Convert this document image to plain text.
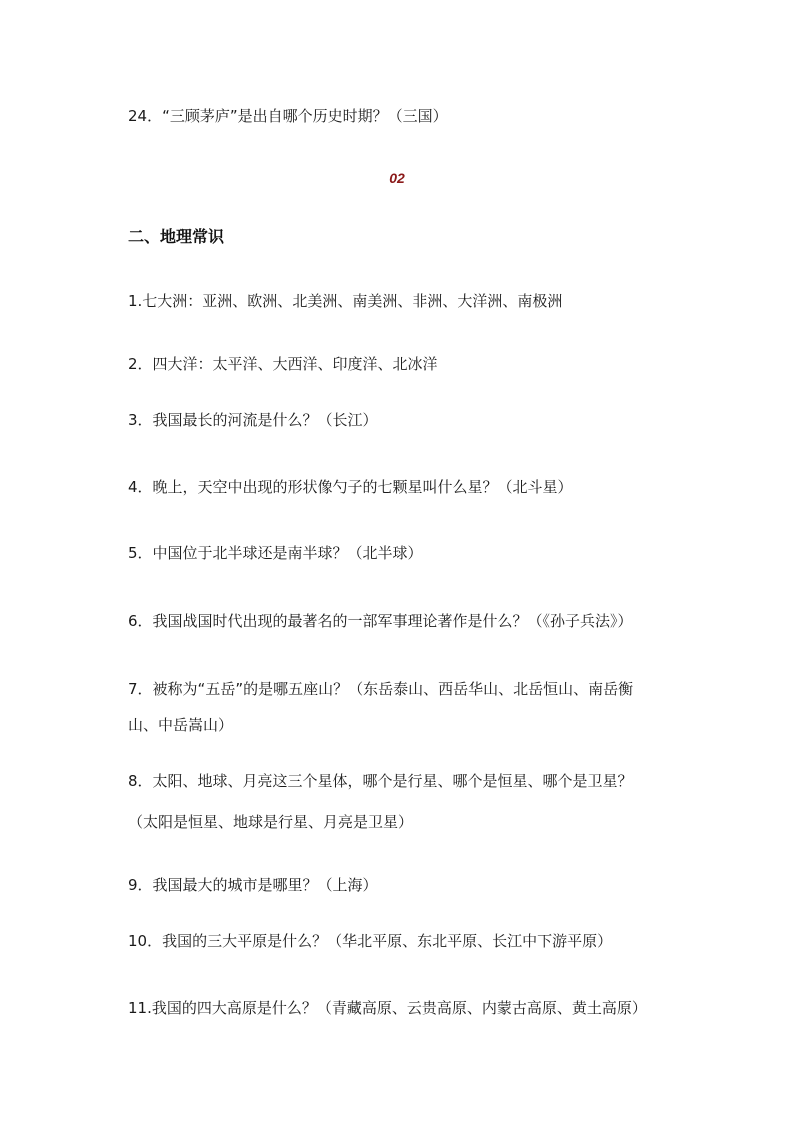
24．“三顾茅庐”是出自哪个历史时期？（三国）
02
二、地理常识
1.七大洲：亚洲、欧洲、北美洲、南美洲、非洲、大洋洲、南极洲
2．四大洋：太平洋、大西洋、印度洋、北冰洋
3．我国最长的河流是什么？（长江）
4．晚上，天空中出现的形状像勺子的七颗星叫什么星？（北斗星）
5．中国位于北半球还是南半球？（北半球）
6．我国战国时代出现的最著名的一部军事理论著作是什么？（《孙子兵法》）
7．被称为“五岳”的是哪五座山？（东岳泰山、西岳华山、北岳恒山、南岳衡
山、中岳嵩山）
8．太阳、地球、月亮这三个星体，哪个是行星、哪个是恒星、哪个是卫星？
（太阳是恒星、地球是行星、月亮是卫星）
9．我国最大的城市是哪里？（上海）
10．我国的三大平原是什么？（华北平原、东北平原、长江中下游平原）
11.我国的四大高原是什么？（青藏高原、云贵高原、内蒙古高原、黄土高原）
